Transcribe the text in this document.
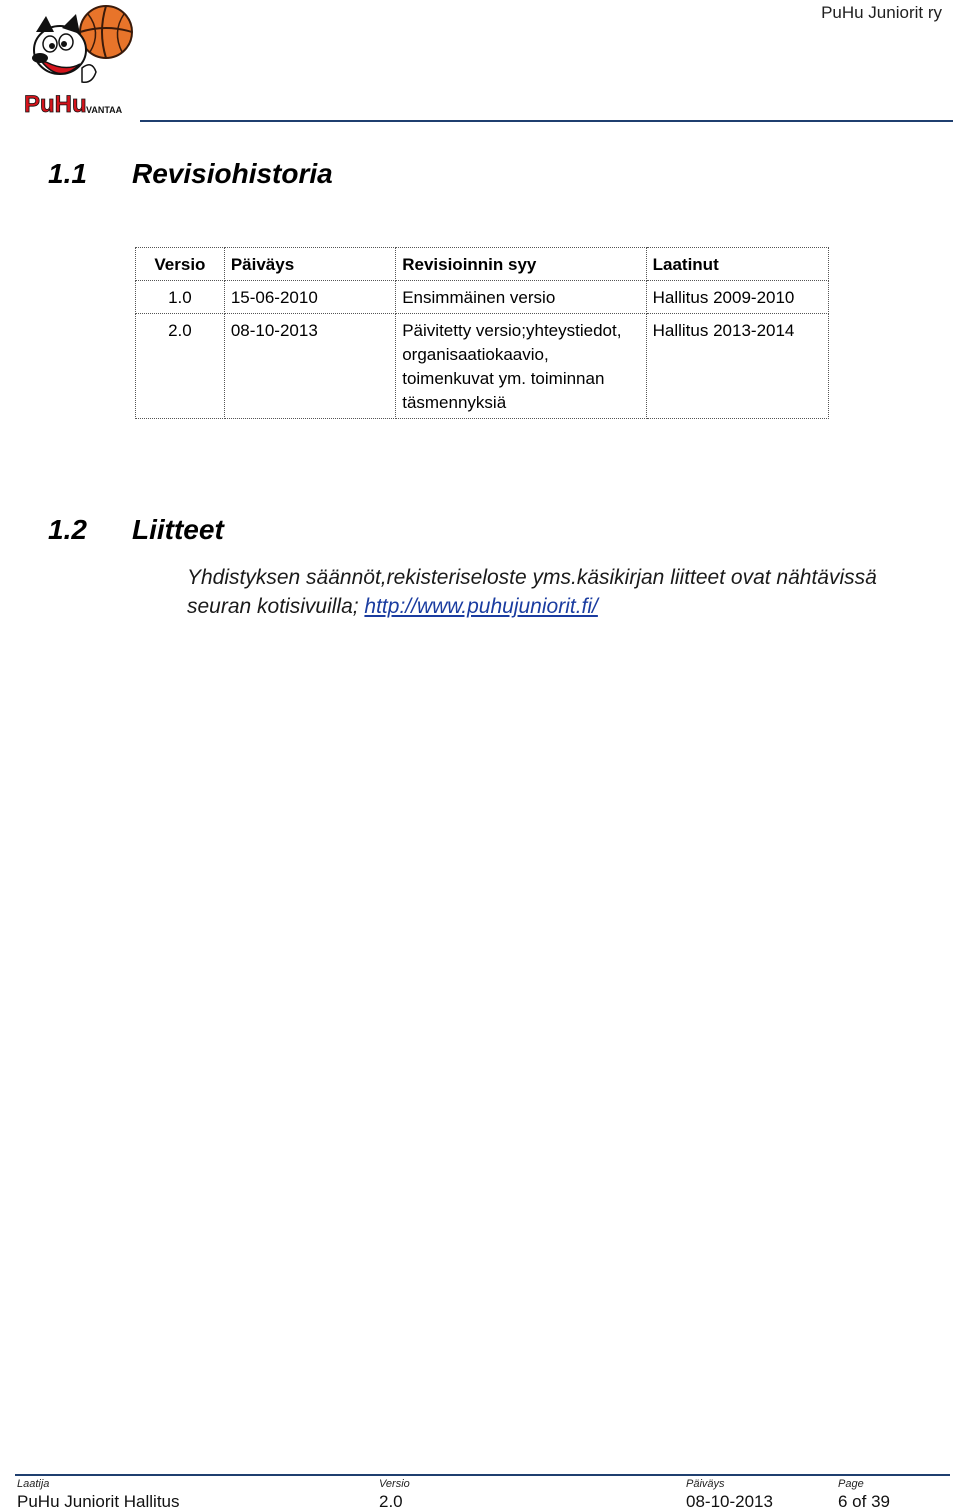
PuHu VANTAA
PuHu Juniorit ry
1.1 Revisiohistoria
Versio	Päiväys	Revisioinnin syy	Laatinut
1.0	15-06-2010	Ensimmäinen versio	Hallitus 2009-2010
2.0	08-10-2013	Päivitetty versio;yhteystiedot, organisaatiokaavio, toimenkuvat ym. toiminnan täsmennyksiä	Hallitus 2013-2014
1.2 Liitteet
Yhdistyksen säännöt,rekisteriseloste yms.käsikirjan liitteet ovat nähtävissä seuran kotisivuilla; http://www.puhujuniorit.fi/
Laatija
PuHu Juniorit Hallitus
Versio
2.0
Päiväys
08-10-2013
Page
6 of 39
